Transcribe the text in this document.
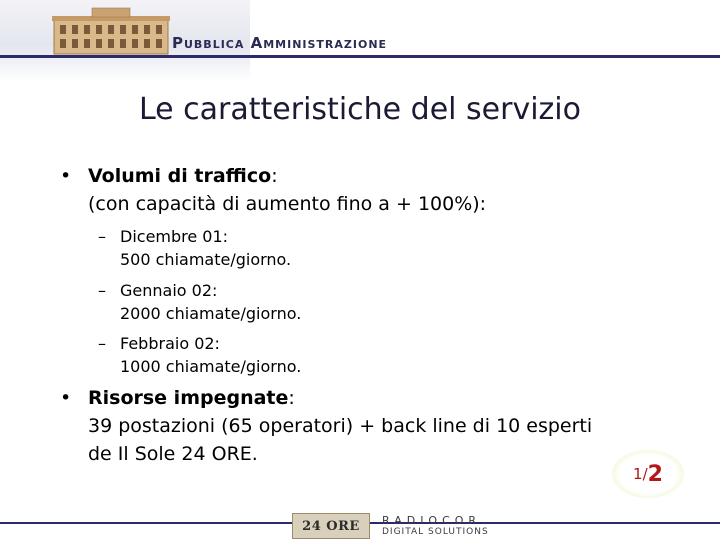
Pubblica Amministrazione
Le caratteristiche del servizio
• Volumi di traffico:
(con capacità di aumento fino a + 100%):
– Dicembre 01:
500 chiamate/giorno.
– Gennaio 02:
2000 chiamate/giorno.
– Febbraio 02:
1000 chiamate/giorno.
• Risorse impegnate:
39 postazioni (65 operatori) + back line di 10 esperti
de Il Sole 24 ORE.
1 / 2
24 ORE RADIOCOR
DIGITAL SOLUTIONS
